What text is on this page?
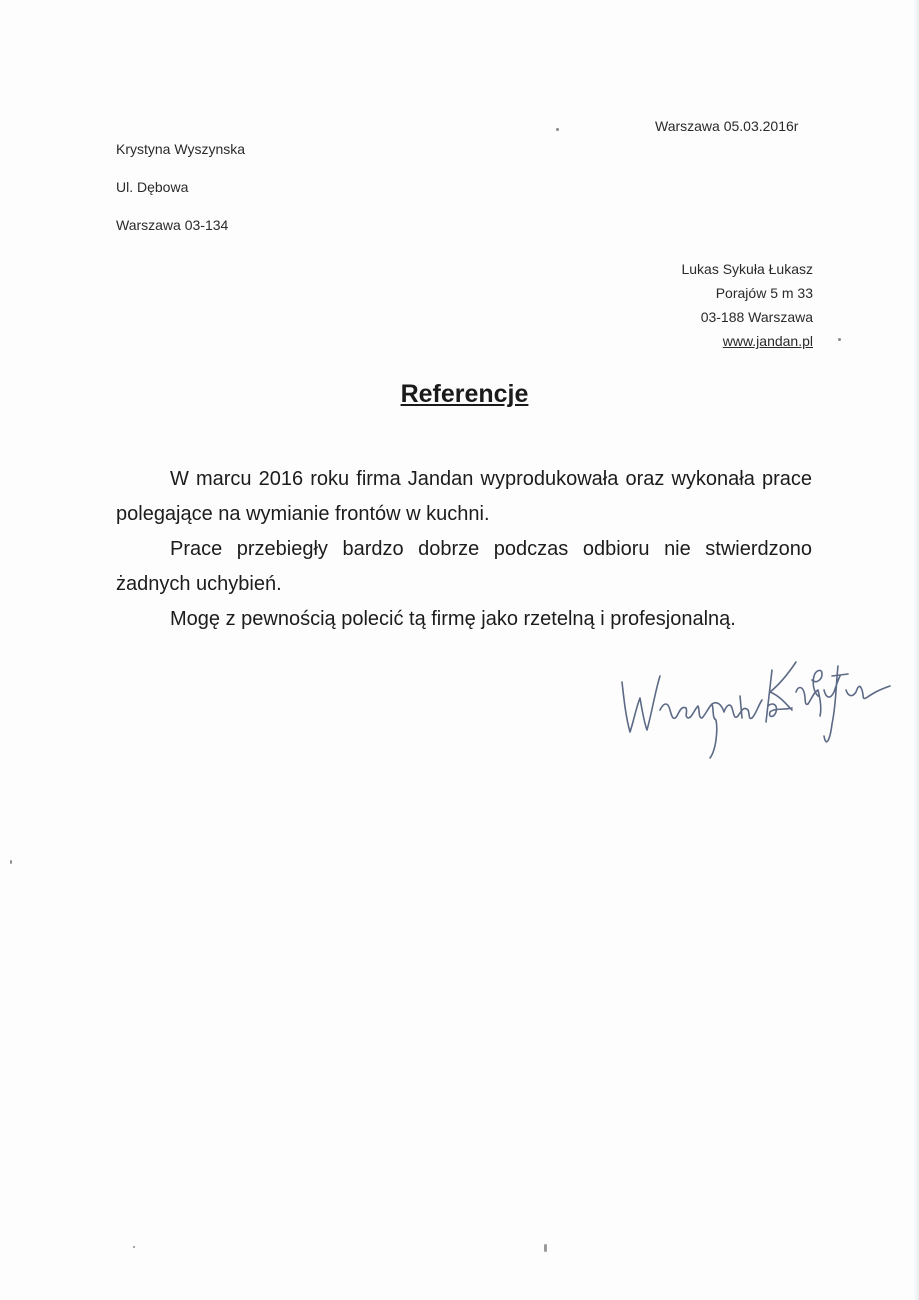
Warszawa 05.03.2016r
Krystyna Wyszynska
Ul. Dębowa
Warszawa 03-134
Lukas Sykuła Łukasz
Porajów 5 m 33
03-188 Warszawa
www.jandan.pl
Referencje

W marcu 2016 roku firma Jandan wyprodukowała oraz wykonała prace polegające na wymianie frontów w kuchni.

Prace przebiegły bardzo dobrze podczas odbioru nie stwierdzono żadnych uchybień.

Mogę z pewnością polecić tą firmę jako rzetelną i profesjonalną.
